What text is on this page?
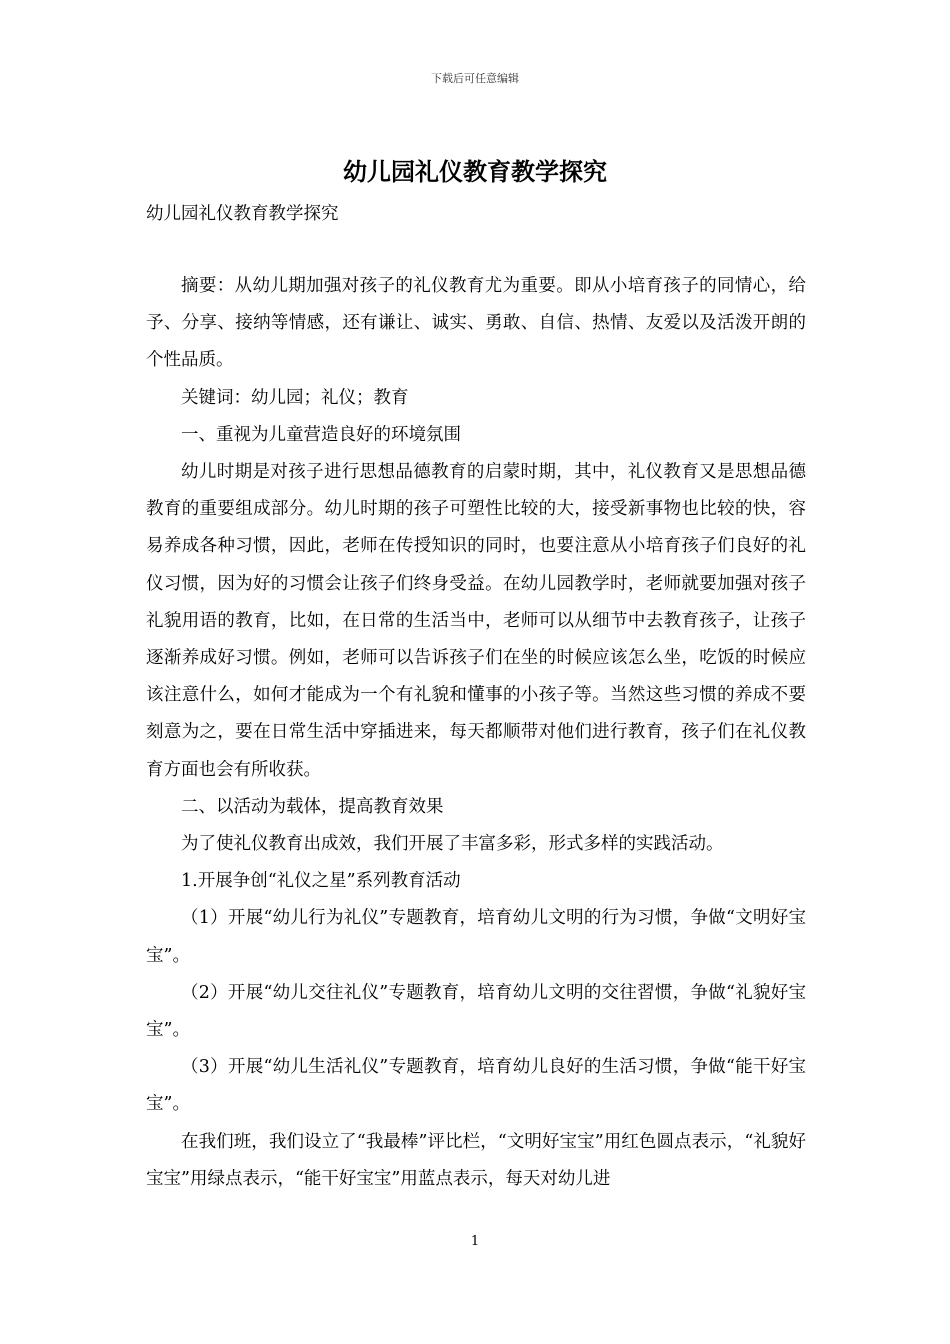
下载后可任意编辑
幼儿园礼仪教育教学探究
幼儿园礼仪教育教学探究

摘要：从幼儿期加强对孩子的礼仪教育尤为重要。即从小培育孩子的同情心，给予、分享、接纳等情感，还有谦让、诚实、勇敢、自信、热情、友爱以及活泼开朗的个性品质。

关键词：幼儿园；礼仪；教育

一、重视为儿童营造良好的环境氛围

幼儿时期是对孩子进行思想品德教育的启蒙时期，其中，礼仪教育又是思想品德教育的重要组成部分。幼儿时期的孩子可塑性比较的大，接受新事物也比较的快，容易养成各种习惯，因此，老师在传授知识的同时，也要注意从小培育孩子们良好的礼仪习惯，因为好的习惯会让孩子们终身受益。在幼儿园教学时，老师就要加强对孩子礼貌用语的教育，比如，在日常的生活当中，老师可以从细节中去教育孩子，让孩子逐渐养成好习惯。例如，老师可以告诉孩子们在坐的时候应该怎么坐，吃饭的时候应该注意什么，如何才能成为一个有礼貌和懂事的小孩子等。当然这些习惯的养成不要刻意为之，要在日常生活中穿插进来，每天都顺带对他们进行教育，孩子们在礼仪教育方面也会有所收获。

二、以活动为载体，提高教育效果

为了使礼仪教育出成效，我们开展了丰富多彩，形式多样的实践活动。

1.开展争创“礼仪之星”系列教育活动

（1）开展“幼儿行为礼仪”专题教育，培育幼儿文明的行为习惯，争做“文明好宝宝”。

（2）开展“幼儿交往礼仪”专题教育，培育幼儿文明的交往習惯，争做“礼貌好宝宝”。

（3）开展“幼儿生活礼仪”专题教育，培育幼儿良好的生活习惯，争做“能干好宝宝”。

在我们班，我们设立了“我最棒”评比栏，“文明好宝宝”用红色圆点表示，“礼貌好宝宝”用绿点表示，“能干好宝宝”用蓝点表示，每天对幼儿进

1
